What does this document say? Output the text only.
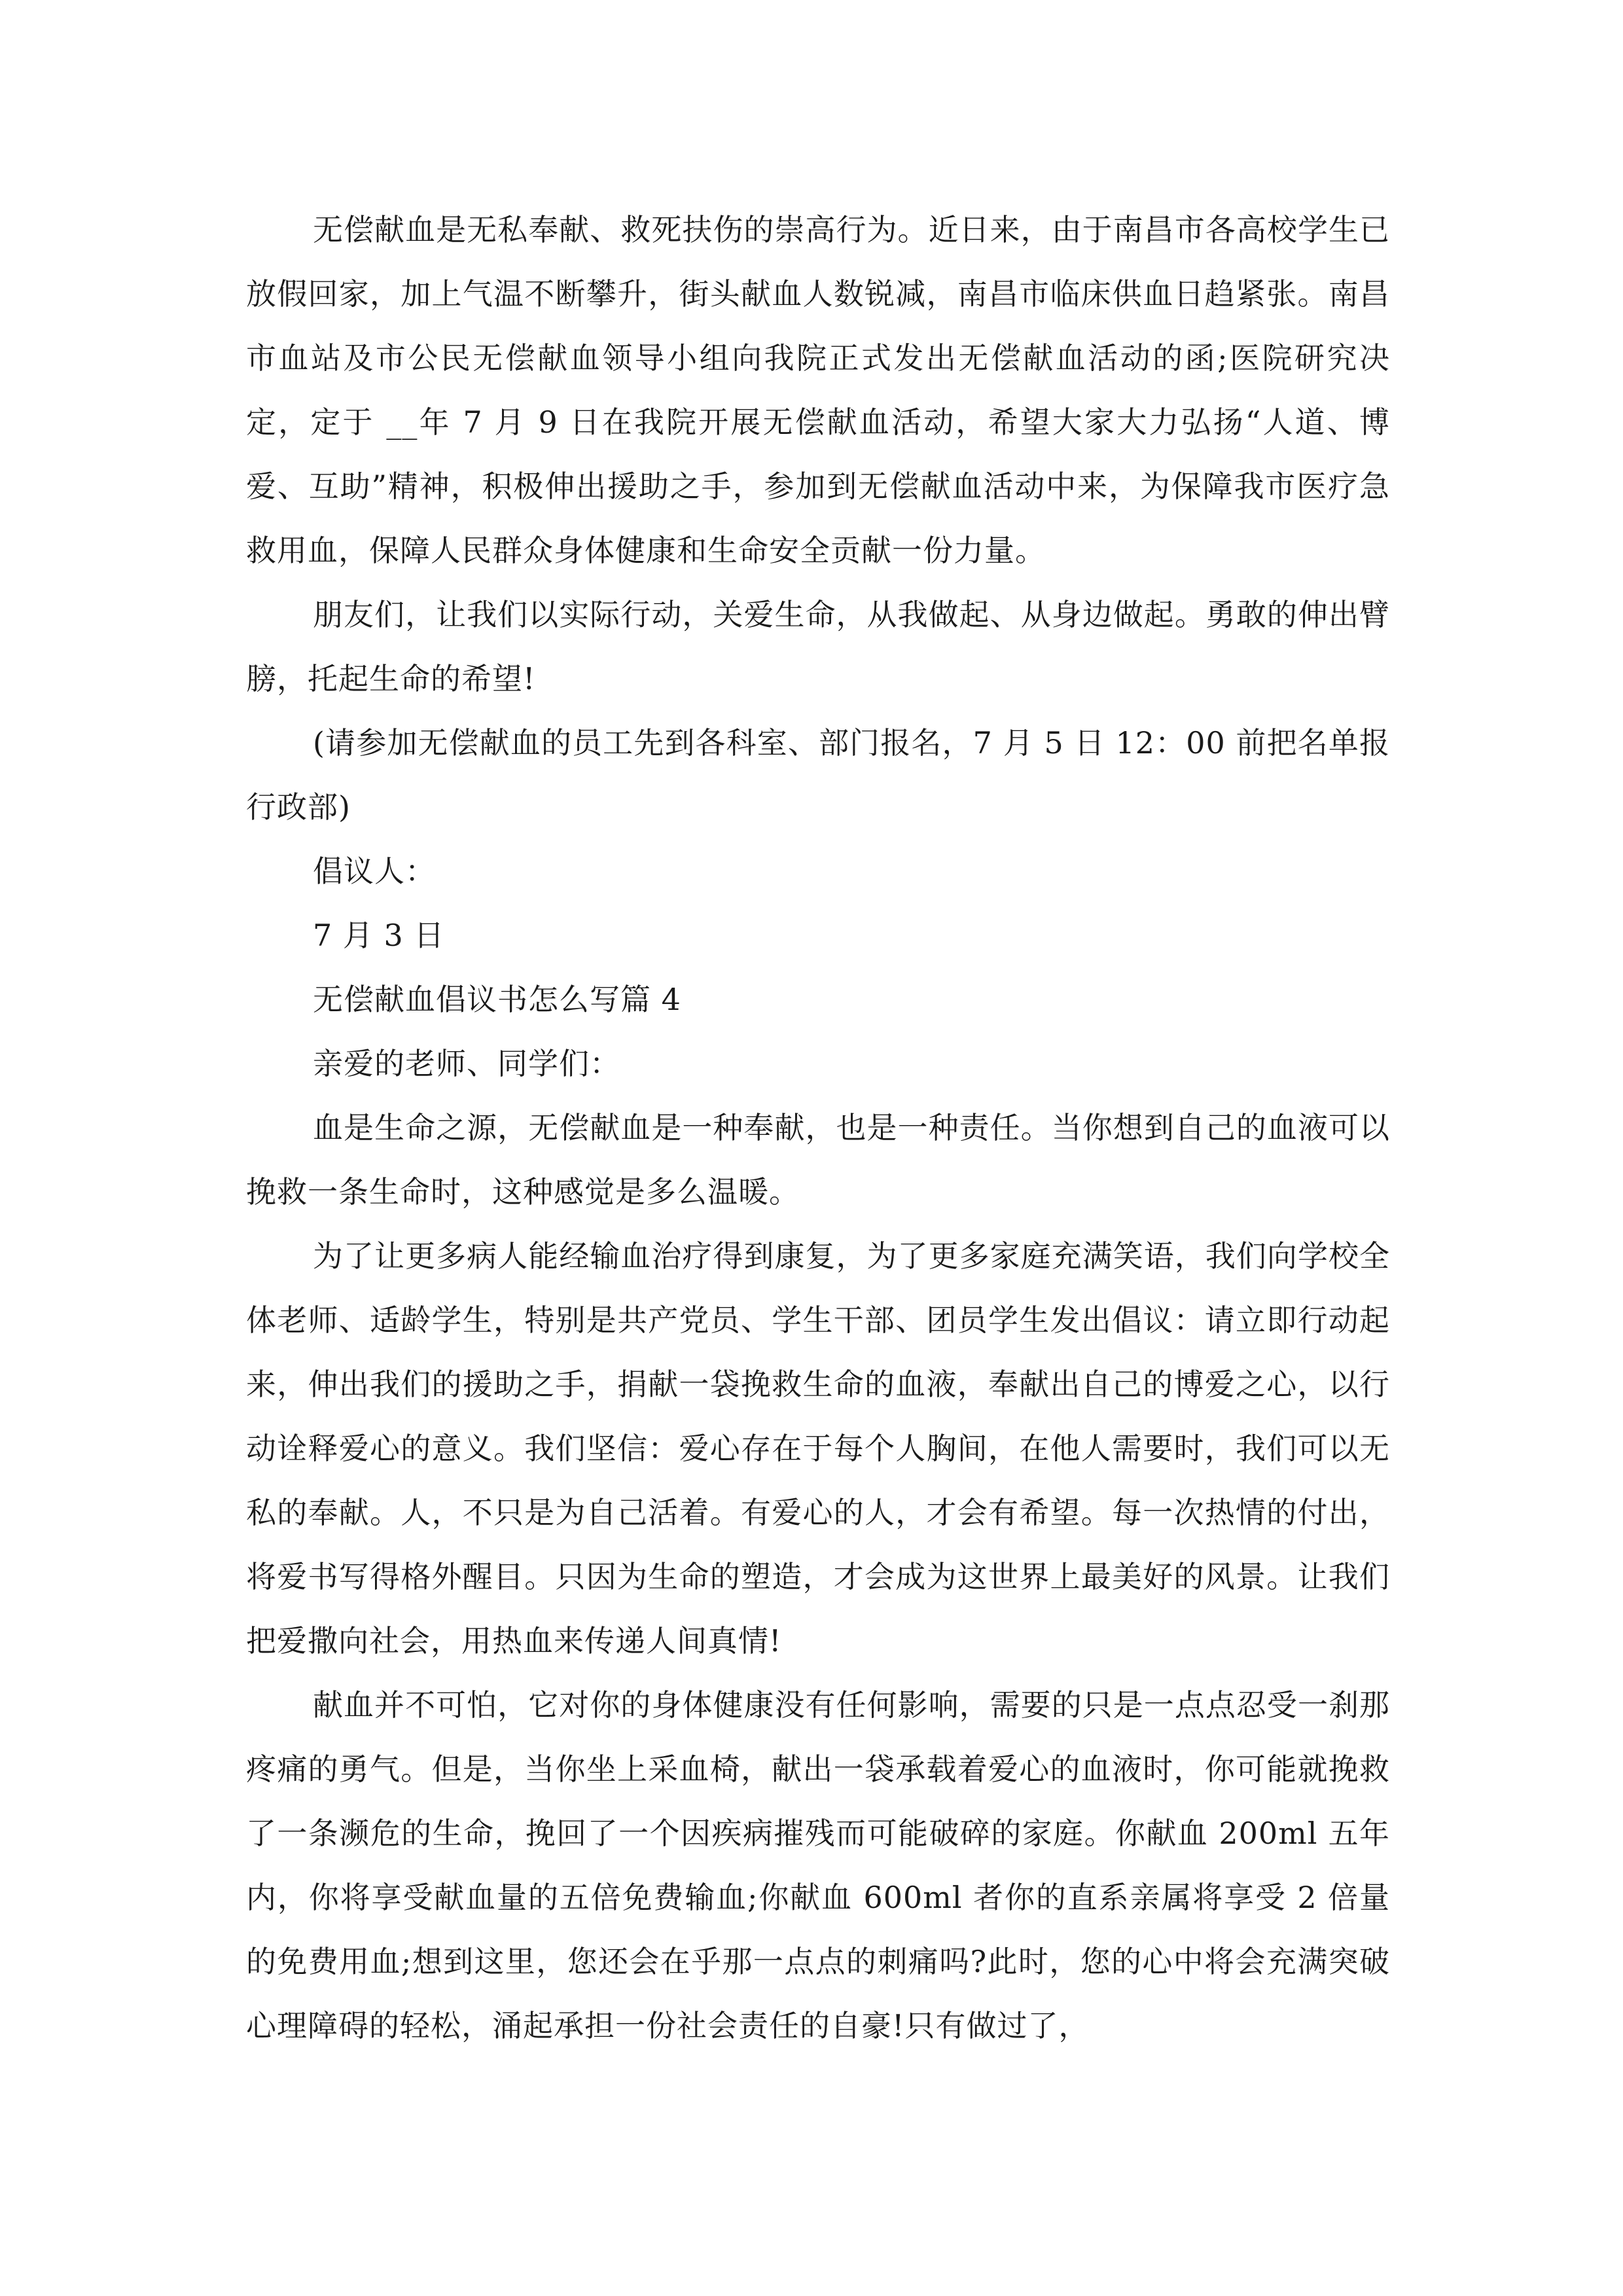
无偿献血是无私奉献、救死扶伤的崇高行为。近日来，由于南昌市各高校学生已放假回家，加上气温不断攀升，街头献血人数锐减，南昌市临床供血日趋紧张。南昌市血站及市公民无偿献血领导小组向我院正式发出无偿献血活动的函;医院研究决定，定于 __年 7 月 9 日在我院开展无偿献血活动，希望大家大力弘扬“人道、博爱、互助”精神，积极伸出援助之手，参加到无偿献血活动中来，为保障我市医疗急救用血，保障人民群众身体健康和生命安全贡献一份力量。

朋友们，让我们以实际行动，关爱生命，从我做起、从身边做起。勇敢的伸出臂膀，托起生命的希望!

(请参加无偿献血的员工先到各科室、部门报名，7 月 5 日 12：00 前把名单报行政部)

倡议人：

7 月 3 日

无偿献血倡议书怎么写篇 4

亲爱的老师、同学们：

血是生命之源，无偿献血是一种奉献，也是一种责任。当你想到自己的血液可以挽救一条生命时，这种感觉是多么温暖。

为了让更多病人能经输血治疗得到康复，为了更多家庭充满笑语，我们向学校全体老师、适龄学生，特别是共产党员、学生干部、团员学生发出倡议：请立即行动起来，伸出我们的援助之手，捐献一袋挽救生命的血液，奉献出自己的博爱之心，以行动诠释爱心的意义。我们坚信：爱心存在于每个人胸间，在他人需要时，我们可以无私的奉献。人，不只是为自己活着。有爱心的人，才会有希望。每一次热情的付出，将爱书写得格外醒目。只因为生命的塑造，才会成为这世界上最美好的风景。让我们把爱撒向社会，用热血来传递人间真情!

献血并不可怕，它对你的身体健康没有任何影响，需要的只是一点点忍受一刹那疼痛的勇气。但是，当你坐上采血椅，献出一袋承载着爱心的血液时，你可能就挽救了一条濒危的生命，挽回了一个因疾病摧残而可能破碎的家庭。你献血 200ml 五年内，你将享受献血量的五倍免费输血;你献血 600ml 者你的直系亲属将享受 2 倍量的免费用血;想到这里，您还会在乎那一点点的刺痛吗?此时，您的心中将会充满突破心理障碍的轻松，涌起承担一份社会责任的自豪!只有做过了，
